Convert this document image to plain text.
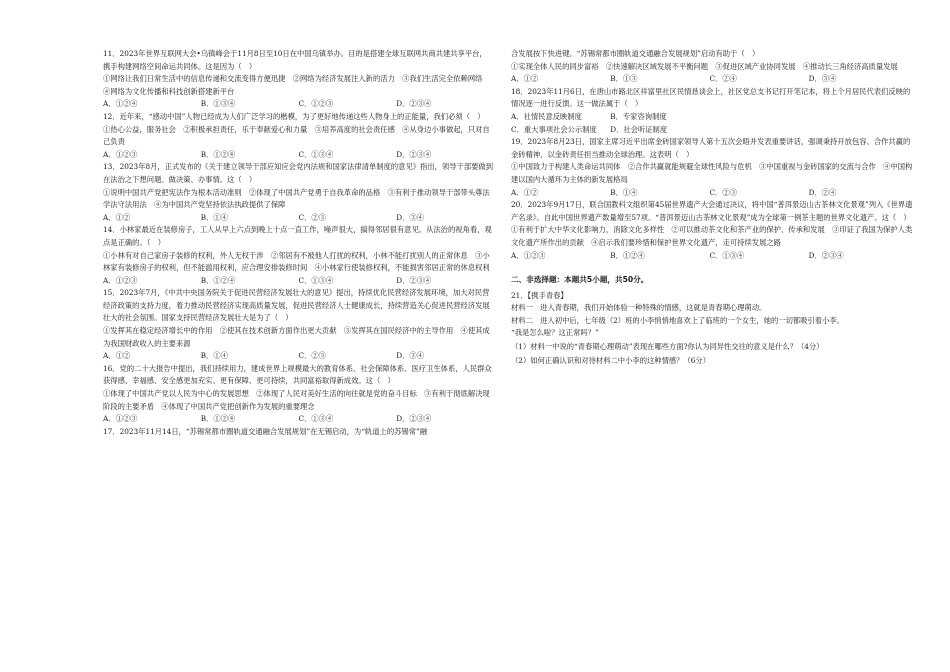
11．2023年世界互联网大会•乌镇峰会于11月8日至10日在中国乌镇举办。目的是搭建全球互联网共商共建共享平台，携手构建网络空间命运共同体。这是因为（　）

①网络让我们日常生活中的信息传递和交流变得方便迅捷　②网络为经济发展注入新的活力　③我们生活完全依赖网络　④网络为文化传播和科技创新搭建新平台

A．①②④	B．①③④	C．①②③	D．②③④

12．近年来，“感动中国”人物已经成为人们广泛学习的楷模，为了更好地传递这些人物身上的正能量，我们必须（　）

①热心公益，服务社会　②积极承担责任，乐于奉献爱心和力量　③培养高度的社会责任感　④从身边小事做起，只对自己负责

A．①②③	B．①②④	C．①③④	D．②③④

13．2023年8月，正式发布的《关于建立领导干部应知应会党内法规和国家法律清单制度的意见》指出，领导干部要做到在法治之下想问题、做决策、办事情。这（　）

①说明中国共产党把宪法作为根本活动准则　②体现了中国共产党勇于自我革命的品格　③有利于推动领导干部带头尊法学法守法用法　④为中国共产党坚持依法执政提供了保障

A．①②	B．①④	C．②③	D．③④

14．小林家最近在装修房子，工人从早上六点到晚上十点一直工作，噪声很大，搞得邻居很有意见。从法治的视角看，观点是正确的。（　）

①小林有对自己家房子装修的权利，外人无权干涉　②邻居有不被他人打扰的权利，小林不能打扰别人的正常休息　③小林家有装修房子的权利，但不能滥用权利，应合理安排装修时间　④小林家行使装修权利，不能损害邻居正常的休息权利

A．①②③	B．①②④	C．①③④	D．②③④

15．2023年7月，《中共中央国务院关于促进民营经济发展壮大的意见》提出，持续优化民营经济发展环境，加大对民营经济政策的支持力度，着力推动民营经济实现高质量发展，促进民营经济人士健康成长，持续营造关心促进民营经济发展壮大的社会氛围。国家支持民营经济发展壮大是为了（　）

①发挥其在稳定经济增长中的作用　②使其在技术创新方面作出更大贡献　③发挥其在国民经济中的主导作用　④使其成为我国财政收入的主要来源

A．①②	B．①④	C．②③	D．③④

16．党的二十大报告中提出，我们持续用力，建成世界上规模最大的教育体系、社会保障体系、医疗卫生体系，人民群众获得感、幸福感、安全感更加充实、更有保障、更可持续，共同富裕取得新成效。这（　）

①体现了中国共产党以人民为中心的发展思想　②体现了人民对美好生活的向往就是党的奋斗目标　③有利于彻底解决现阶段的主要矛盾　④体现了中国共产党把创新作为发展的重要理念

A．①②③	B．①②④	C．①③④	D．②③④

17．2023年11月14日，“苏锡常都市圈轨道交通融合发展规划”在无锡启动，为“轨道上的苏锡常”融

合发展按下快进键。“苏锡常都市圈轨道交通融合发展规划”启动有助于（　）

①实现全体人民的同步富裕　②快速解决区域发展不平衡问题　③促进区域产业协同发展　④推动长三角经济高质量发展

A．①②	B．①③	C．②④	D．③④

18．2023年11月6日，在唐山市路北区祥富里社区民情恳谈会上，社区党总支书记打开笔记本，将上个月居民代表们反映的情况逐一进行反馈。这一做法属于（　）

A．社情民意反映制度	B．专家咨询制度
C．重大事项社会公示制度	D．社会听证制度

19．2023年8月23日，国家主席习近平出席金砖国家领导人第十五次会晤并发表重要讲话，强调秉持开放包容、合作共赢的金砖精神，以金砖责任担当推动全球治理。这表明（　）

①中国致力于构建人类命运共同体　②合作共赢就能规避全球性风险与危机　③中国重视与金砖国家的交流与合作　④中国构建以国内大循环为主体的新发展格局

A．①②	B．①④	C．②③	D．②④

20．2023年9月17日，联合国教科文组织第45届世界遗产大会通过决议，将中国“普洱景迈山古茶林文化景观”列入《世界遗产名录》。自此中国世界遗产数量增至57项。“普洱景迈山古茶林文化景观”成为全球第一例茶主题的世界文化遗产。这（　）

①有利于扩大中华文化影响力，消除文化多样性　②可以推动茶文化和茶产业的保护、传承和发展　③印证了我国为保护人类文化遗产所作出的贡献　④启示我们要珍惜和保护世界文化遗产，走可持续发展之路

A．①②③	B．①②④	C．①③④	D．②③④

二、非选择题：本题共5小题，共50分。

21．【携手青春】

材料一　进入青春期，我们开始体验一种特殊的情感，这就是青春期心理萌动。

材料二　进入初中后，七年级（2）班的小李悄悄地喜欢上了临班的一个女生，她的一切都吸引着小李。

“我是怎么啦？这正常吗？”

（1）材料一中说的“青春期心理萌动”表现在哪些方面?你认为同异性交往的意义是什么？（4分）

（2）如何正确认识和对待材料二中小李的这种情感？（6分）
